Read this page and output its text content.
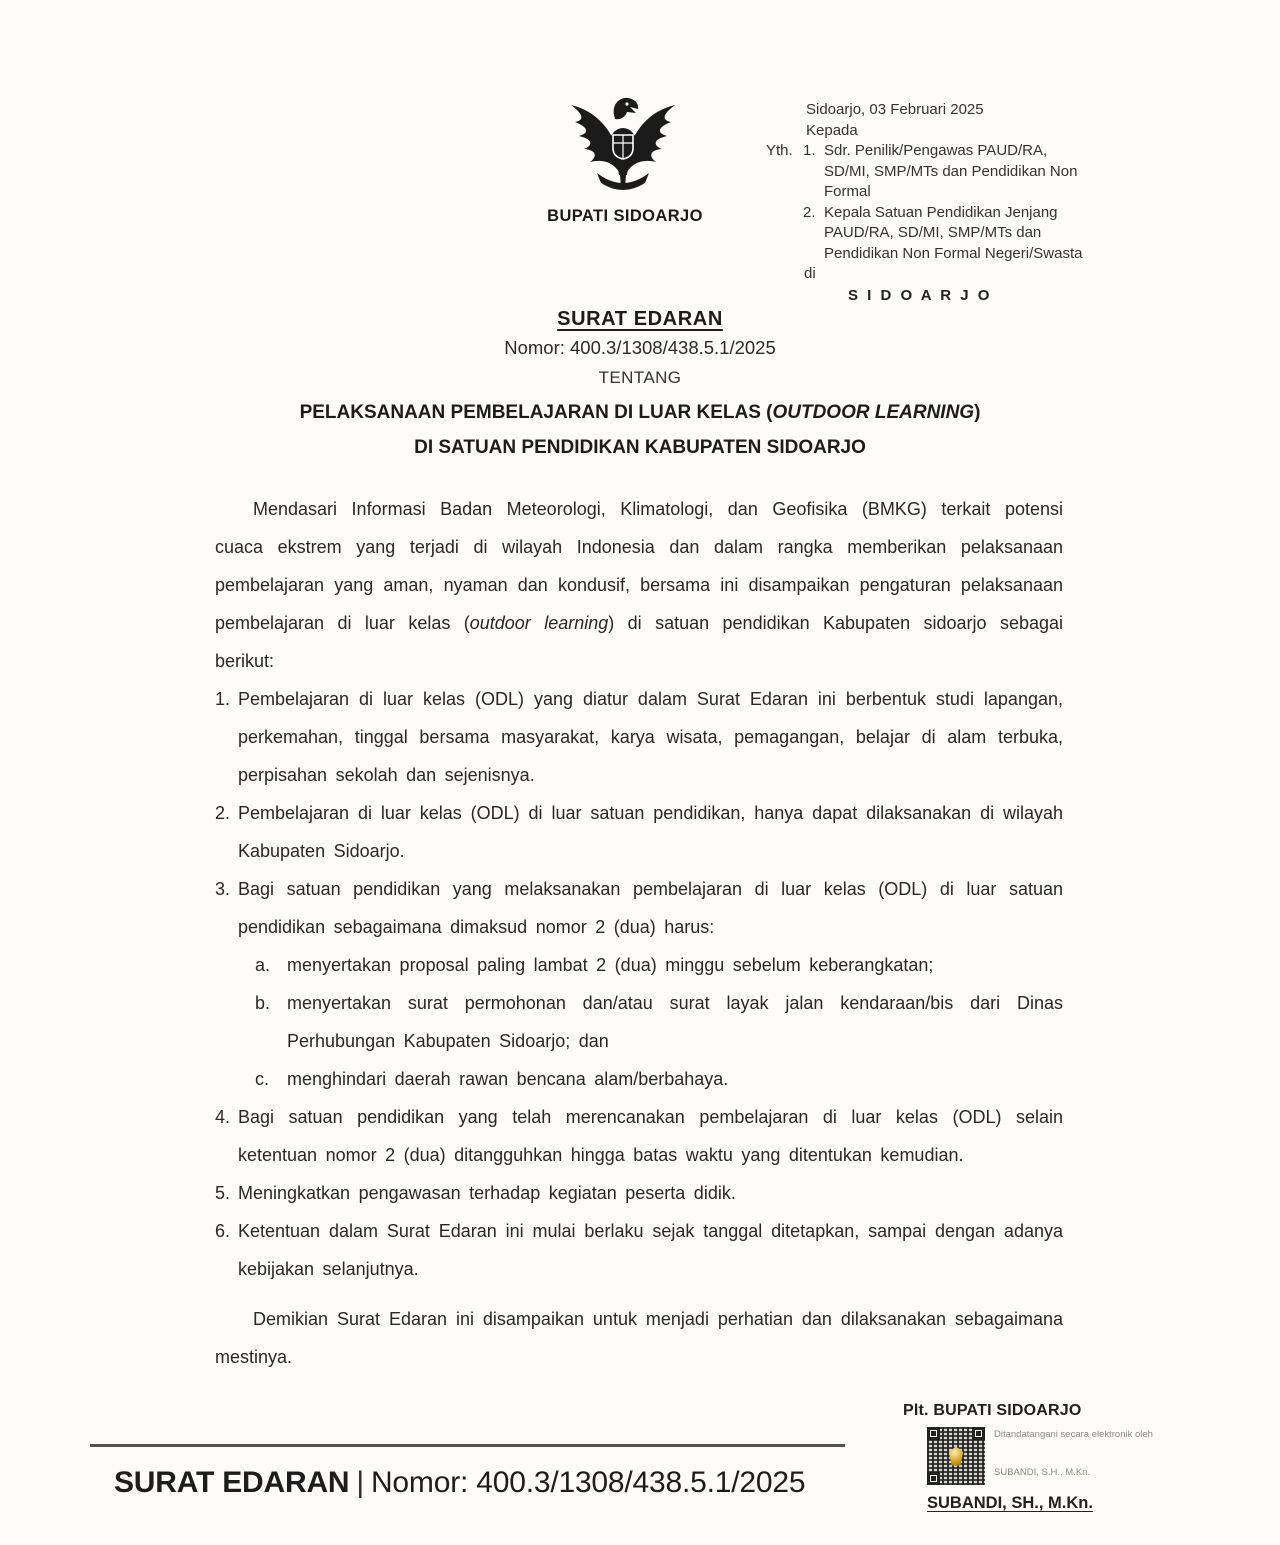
BUPATI SIDOARJO
Sidoarjo, 03 Februari 2025
Kepada
Yth. 1. Sdr. Penilik/Pengawas PAUD/RA,
SD/MI, SMP/MTs dan Pendidikan Non
Formal
2. Kepala Satuan Pendidikan Jenjang
PAUD/RA, SD/MI, SMP/MTs dan
Pendidikan Non Formal Negeri/Swasta
di
S I D O A R J O
SURAT EDARAN
Nomor: 400.3/1308/438.5.1/2025
TENTANG
PELAKSANAAN PEMBELAJARAN DI LUAR KELAS (OUTDOOR LEARNING)
DI SATUAN PENDIDIKAN KABUPATEN SIDOARJO
Mendasari Informasi Badan Meteorologi, Klimatologi, dan Geofisika (BMKG) terkait potensi cuaca ekstrem yang terjadi di wilayah Indonesia dan dalam rangka memberikan pelaksanaan pembelajaran yang aman, nyaman dan kondusif, bersama ini disampaikan pengaturan pelaksanaan pembelajaran di luar kelas (outdoor learning) di satuan pendidikan Kabupaten sidoarjo sebagai berikut:
1. Pembelajaran di luar kelas (ODL) yang diatur dalam Surat Edaran ini berbentuk studi lapangan, perkemahan, tinggal bersama masyarakat, karya wisata, pemagangan, belajar di alam terbuka, perpisahan sekolah dan sejenisnya.
2. Pembelajaran di luar kelas (ODL) di luar satuan pendidikan, hanya dapat dilaksanakan di wilayah Kabupaten Sidoarjo.
3. Bagi satuan pendidikan yang melaksanakan pembelajaran di luar kelas (ODL) di luar satuan pendidikan sebagaimana dimaksud nomor 2 (dua) harus:
a. menyertakan proposal paling lambat 2 (dua) minggu sebelum keberangkatan;
b. menyertakan surat permohonan dan/atau surat layak jalan kendaraan/bis dari Dinas Perhubungan Kabupaten Sidoarjo; dan
c. menghindari daerah rawan bencana alam/berbahaya.
4. Bagi satuan pendidikan yang telah merencanakan pembelajaran di luar kelas (ODL) selain ketentuan nomor 2 (dua) ditangguhkan hingga batas waktu yang ditentukan kemudian.
5. Meningkatkan pengawasan terhadap kegiatan peserta didik.
6. Ketentuan dalam Surat Edaran ini mulai berlaku sejak tanggal ditetapkan, sampai dengan adanya kebijakan selanjutnya.
Demikian Surat Edaran ini disampaikan untuk menjadi perhatian dan dilaksanakan sebagaimana mestinya.
Plt. BUPATI SIDOARJO
Ditandatangani secara elektronik oleh
SUBANDI, S.H., M.Kn.
SUBANDI, SH., M.Kn.
SURAT EDARAN | Nomor: 400.3/1308/438.5.1/2025
